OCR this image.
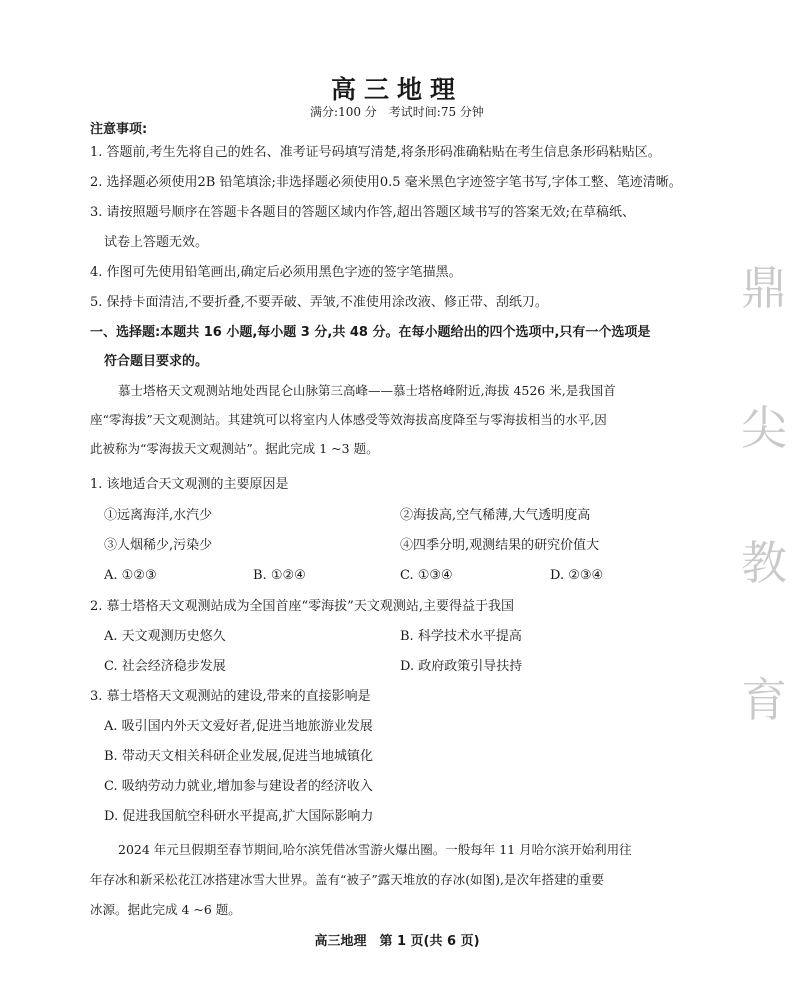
高三地理
满分:100 分　考试时间:75 分钟
注意事项:
1. 答题前,考生先将自己的姓名、准考证号码填写清楚,将条形码准确粘贴在考生信息条形码粘贴区。
2. 选择题必须使用2B 铅笔填涂;非选择题必须使用0.5 毫米黑色字迹签字笔书写,字体工整、笔迹清晰。
3. 请按照题号顺序在答题卡各题目的答题区域内作答,超出答题区域书写的答案无效;在草稿纸、
试卷上答题无效。
4. 作图可先使用铅笔画出,确定后必须用黑色字迹的签字笔描黑。
5. 保持卡面清洁,不要折叠,不要弄破、弄皱,不准使用涂改液、修正带、刮纸刀。
一、选择题:本题共 16 小题,每小题 3 分,共 48 分。在每小题给出的四个选项中,只有一个选项是
符合题目要求的。
慕士塔格天文观测站地处西昆仑山脉第三高峰——慕士塔格峰附近,海拔 4526 米,是我国首
座“零海拔”天文观测站。其建筑可以将室内人体感受等效海拔高度降至与零海拔相当的水平,因
此被称为“零海拔天文观测站”。据此完成 1 ~3 题。
1. 该地适合天文观测的主要原因是
①远离海洋,水汽少	②海拔高,空气稀薄,大气透明度高
③人烟稀少,污染少	④四季分明,观测结果的研究价值大
A. ①②③	B. ①②④	C. ①③④	D. ②③④
2. 慕士塔格天文观测站成为全国首座“零海拔”天文观测站,主要得益于我国
A. 天文观测历史悠久	B. 科学技术水平提高
C. 社会经济稳步发展	D. 政府政策引导扶持
3. 慕士塔格天文观测站的建设,带来的直接影响是
A. 吸引国内外天文爱好者,促进当地旅游业发展
B. 带动天文相关科研企业发展,促进当地城镇化
C. 吸纳劳动力就业,增加参与建设者的经济收入
D. 促进我国航空科研水平提高,扩大国际影响力
2024 年元旦假期至春节期间,哈尔滨凭借冰雪游火爆出圈。一般每年 11 月哈尔滨开始利用往
年存冰和新采松花江冰搭建冰雪大世界。盖有“被子”露天堆放的存冰(如图),是次年搭建的重要
冰源。据此完成 4 ~6 题。
鼎
尖
教
育
高三地理　第 1 页(共 6 页)
